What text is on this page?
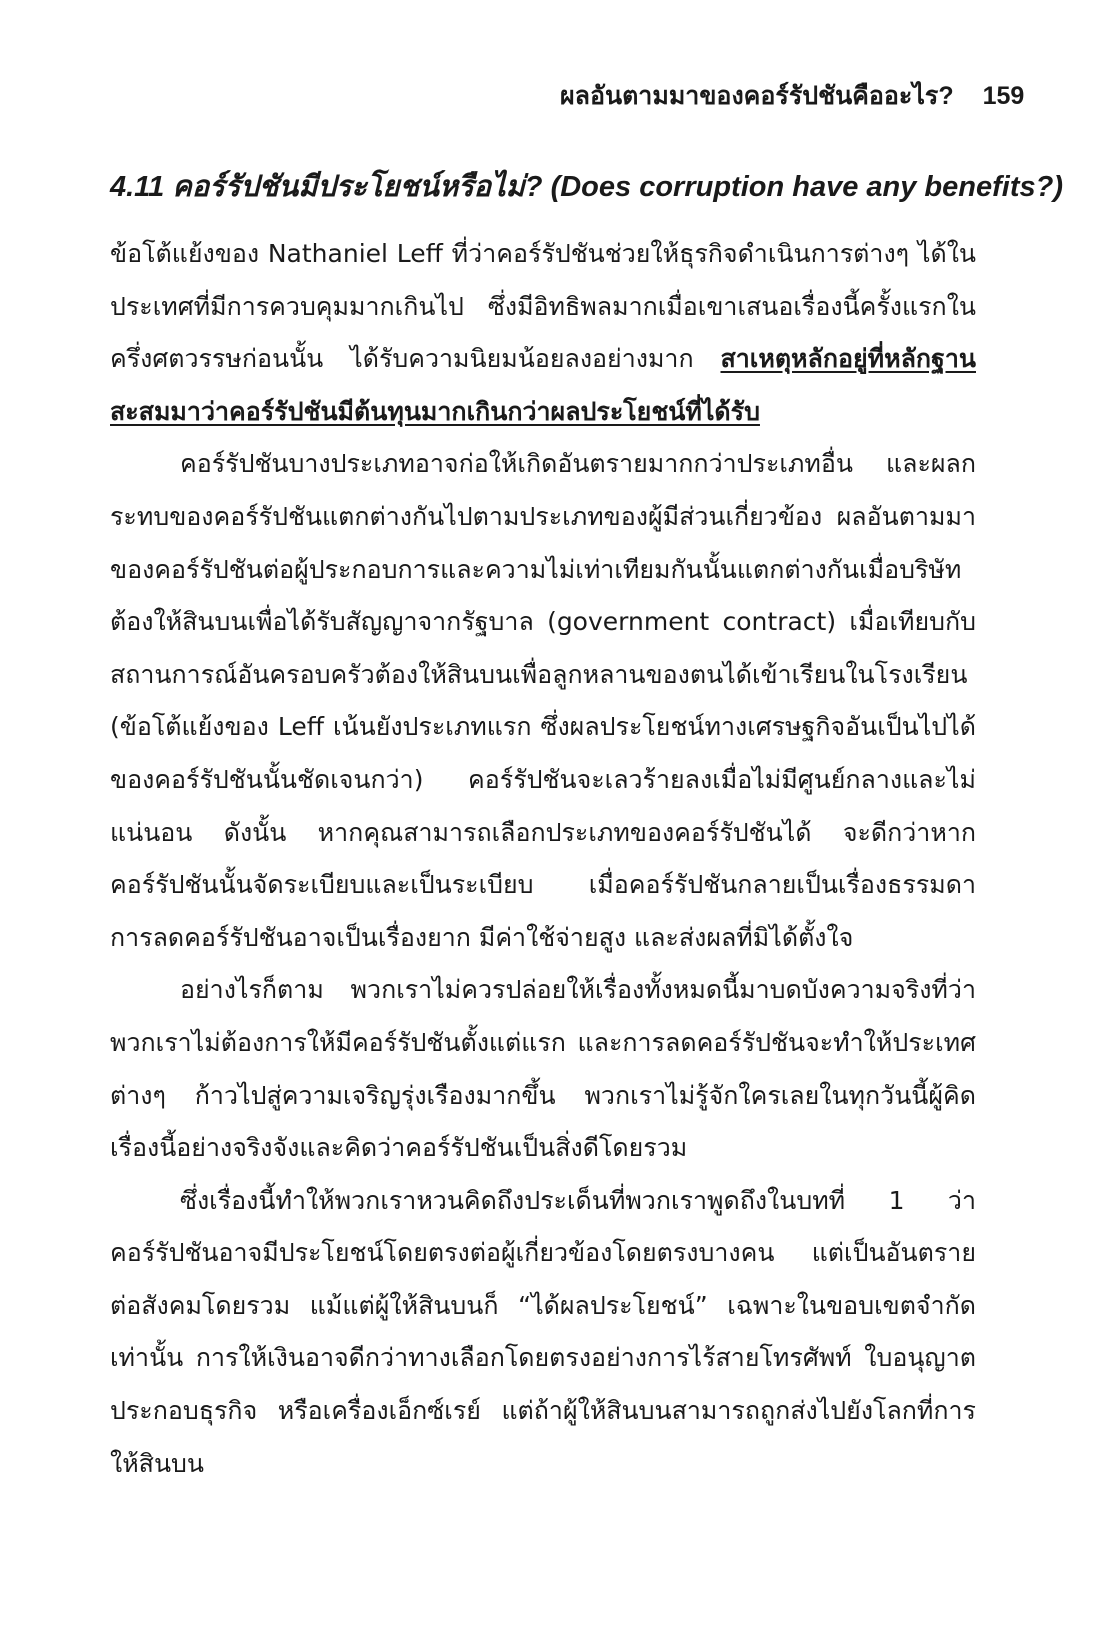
ผลอันตามมาของคอร์รัปชันคืออะไร? 159
4.11 คอร์รัปชันมีประโยชน์หรือไม่? (Does corruption have any benefits?)

ข้อโต้แย้งของ Nathaniel Leff ที่ว่าคอร์รัปชันช่วยให้ธุรกิจดำเนินการต่างๆ ได้ในประเทศที่มีการควบคุมมากเกินไป ซึ่งมีอิทธิพลมากเมื่อเขาเสนอเรื่องนี้ครั้งแรกในครึ่งศตวรรษก่อนนั้น ได้รับความนิยมน้อยลงอย่างมาก สาเหตุหลักอยู่ที่หลักฐานสะสมมาว่าคอร์รัปชันมีต้นทุนมากเกินกว่าผลประโยชน์ที่ได้รับ

คอร์รัปชันบางประเภทอาจก่อให้เกิดอันตรายมากกว่าประเภทอื่น และผลกระทบของคอร์รัปชันแตกต่างกันไปตามประเภทของผู้มีส่วนเกี่ยวข้อง ผลอันตามมาของคอร์รัปชันต่อผู้ประกอบการและความไม่เท่าเทียมกันนั้นแตกต่างกันเมื่อบริษัทต้องให้สินบนเพื่อได้รับสัญญาจากรัฐบาล (government contract) เมื่อเทียบกับสถานการณ์อันครอบครัวต้องให้สินบนเพื่อลูกหลานของตนได้เข้าเรียนในโรงเรียน (ข้อโต้แย้งของ Leff เน้นยังประเภทแรก ซึ่งผลประโยชน์ทางเศรษฐกิจอันเป็นไปได้ของคอร์รัปชันนั้นชัดเจนกว่า) คอร์รัปชันจะเลวร้ายลงเมื่อไม่มีศูนย์กลางและไม่แน่นอน ดังนั้น หากคุณสามารถเลือกประเภทของคอร์รัปชันได้ จะดีกว่าหากคอร์รัปชันนั้นจัดระเบียบและเป็นระเบียบ เมื่อคอร์รัปชันกลายเป็นเรื่องธรรมดา การลดคอร์รัปชันอาจเป็นเรื่องยาก มีค่าใช้จ่ายสูง และส่งผลที่มิได้ตั้งใจ

อย่างไรก็ตาม พวกเราไม่ควรปล่อยให้เรื่องทั้งหมดนี้มาบดบังความจริงที่ว่าพวกเราไม่ต้องการให้มีคอร์รัปชันตั้งแต่แรก และการลดคอร์รัปชันจะทำให้ประเทศต่างๆ ก้าวไปสู่ความเจริญรุ่งเรืองมากขึ้น พวกเราไม่รู้จักใครเลยในทุกวันนี้ผู้คิดเรื่องนี้อย่างจริงจังและคิดว่าคอร์รัปชันเป็นสิ่งดีโดยรวม

ซึ่งเรื่องนี้ทำให้พวกเราหวนคิดถึงประเด็นที่พวกเราพูดถึงในบทที่ 1 ว่าคอร์รัปชันอาจมีประโยชน์โดยตรงต่อผู้เกี่ยวข้องโดยตรงบางคน แต่เป็นอันตรายต่อสังคมโดยรวม แม้แต่ผู้ให้สินบนก็ “ได้ผลประโยชน์” เฉพาะในขอบเขตจำกัดเท่านั้น การให้เงินอาจดีกว่าทางเลือกโดยตรงอย่างการไร้สายโทรศัพท์ ใบอนุญาตประกอบธุรกิจ หรือเครื่องเอ็กซ์เรย์ แต่ถ้าผู้ให้สินบนสามารถถูกส่งไปยังโลกที่การให้สินบน
